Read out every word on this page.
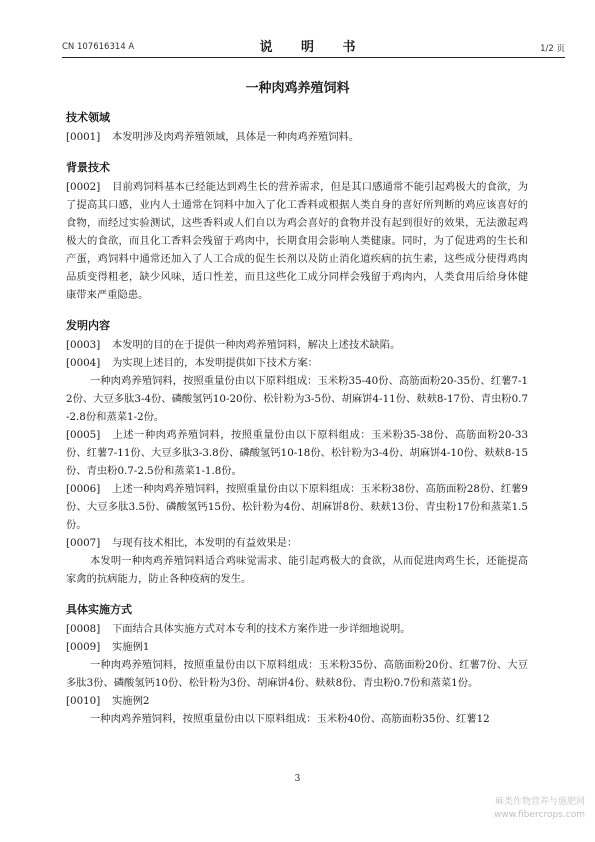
CN 107616314 A	说 明 书	1/2 页
一种肉鸡养殖饲料
技术领域

[0001] 本发明涉及肉鸡养殖领域，具体是一种肉鸡养殖饲料。

背景技术

[0002] 目前鸡饲料基本已经能达到鸡生长的营养需求，但是其口感通常不能引起鸡极大的食欲，为了提高其口感，业内人士通常在饲料中加入了化工香料或根据人类自身的喜好所判断的鸡应该喜好的食物，而经过实验测试，这些香料或人们自以为鸡会喜好的食物并没有起到很好的效果，无法激起鸡极大的食欲，而且化工香料会残留于鸡肉中，长期食用会影响人类健康。同时，为了促进鸡的生长和产蛋，鸡饲料中通常还加入了人工合成的促生长剂以及防止消化道疾病的抗生素，这些成分使得鸡肉品质变得粗老，缺少风味，适口性差，而且这些化工成分同样会残留于鸡肉内，人类食用后给身体健康带来严重隐患。

发明内容

[0003] 本发明的目的在于提供一种肉鸡养殖饲料，解决上述技术缺陷。

[0004] 为实现上述目的，本发明提供如下技术方案：

一种肉鸡养殖饲料，按照重量份由以下原料组成：玉米粉35-40份、高筋面粉20-35份、红薯7-12份、大豆多肽3-4份、磷酸氢钙10-20份、松针粉为3-5份、胡麻饼4-11份、麸麸8-17份、青虫粉0.7-2.8份和蒸菜1-2份。

[0005] 上述一种肉鸡养殖饲料，按照重量份由以下原料组成：玉米粉35-38份、高筋面粉20-33份、红薯7-11份、大豆多肽3-3.8份、磷酸氢钙10-18份、松针粉为3-4份、胡麻饼4-10份、麸麸8-15份、青虫粉0.7-2.5份和蒸菜1-1.8份。

[0006] 上述一种肉鸡养殖饲料，按照重量份由以下原料组成：玉米粉38份、高筋面粉28份、红薯9份、大豆多肽3.5份、磷酸氢钙15份、松针粉为4份、胡麻饼8份、麸麸13份、青虫粉17份和蒸菜1.5份。

[0007] 与现有技术相比，本发明的有益效果是：

本发明一种肉鸡养殖饲料适合鸡味觉需求、能引起鸡极大的食欲，从而促进肉鸡生长，还能提高家禽的抗病能力，防止各种疫病的发生。

具体实施方式

[0008] 下面结合具体实施方式对本专利的技术方案作进一步详细地说明。

[0009] 实施例1

一种肉鸡养殖饲料，按照重量份由以下原料组成：玉米粉35份、高筋面粉20份、红薯7份、大豆多肽3份、磷酸氢钙10份、松针粉为3份、胡麻饼4份、麸麸8份、青虫粉0.7份和蒸菜1份。

[0010] 实施例2

一种肉鸡养殖饲料，按照重量份由以下原料组成：玉米粉40份、高筋面粉35份、红薯12

3
麻类作物营养与施肥网
www.fibercrops.com
